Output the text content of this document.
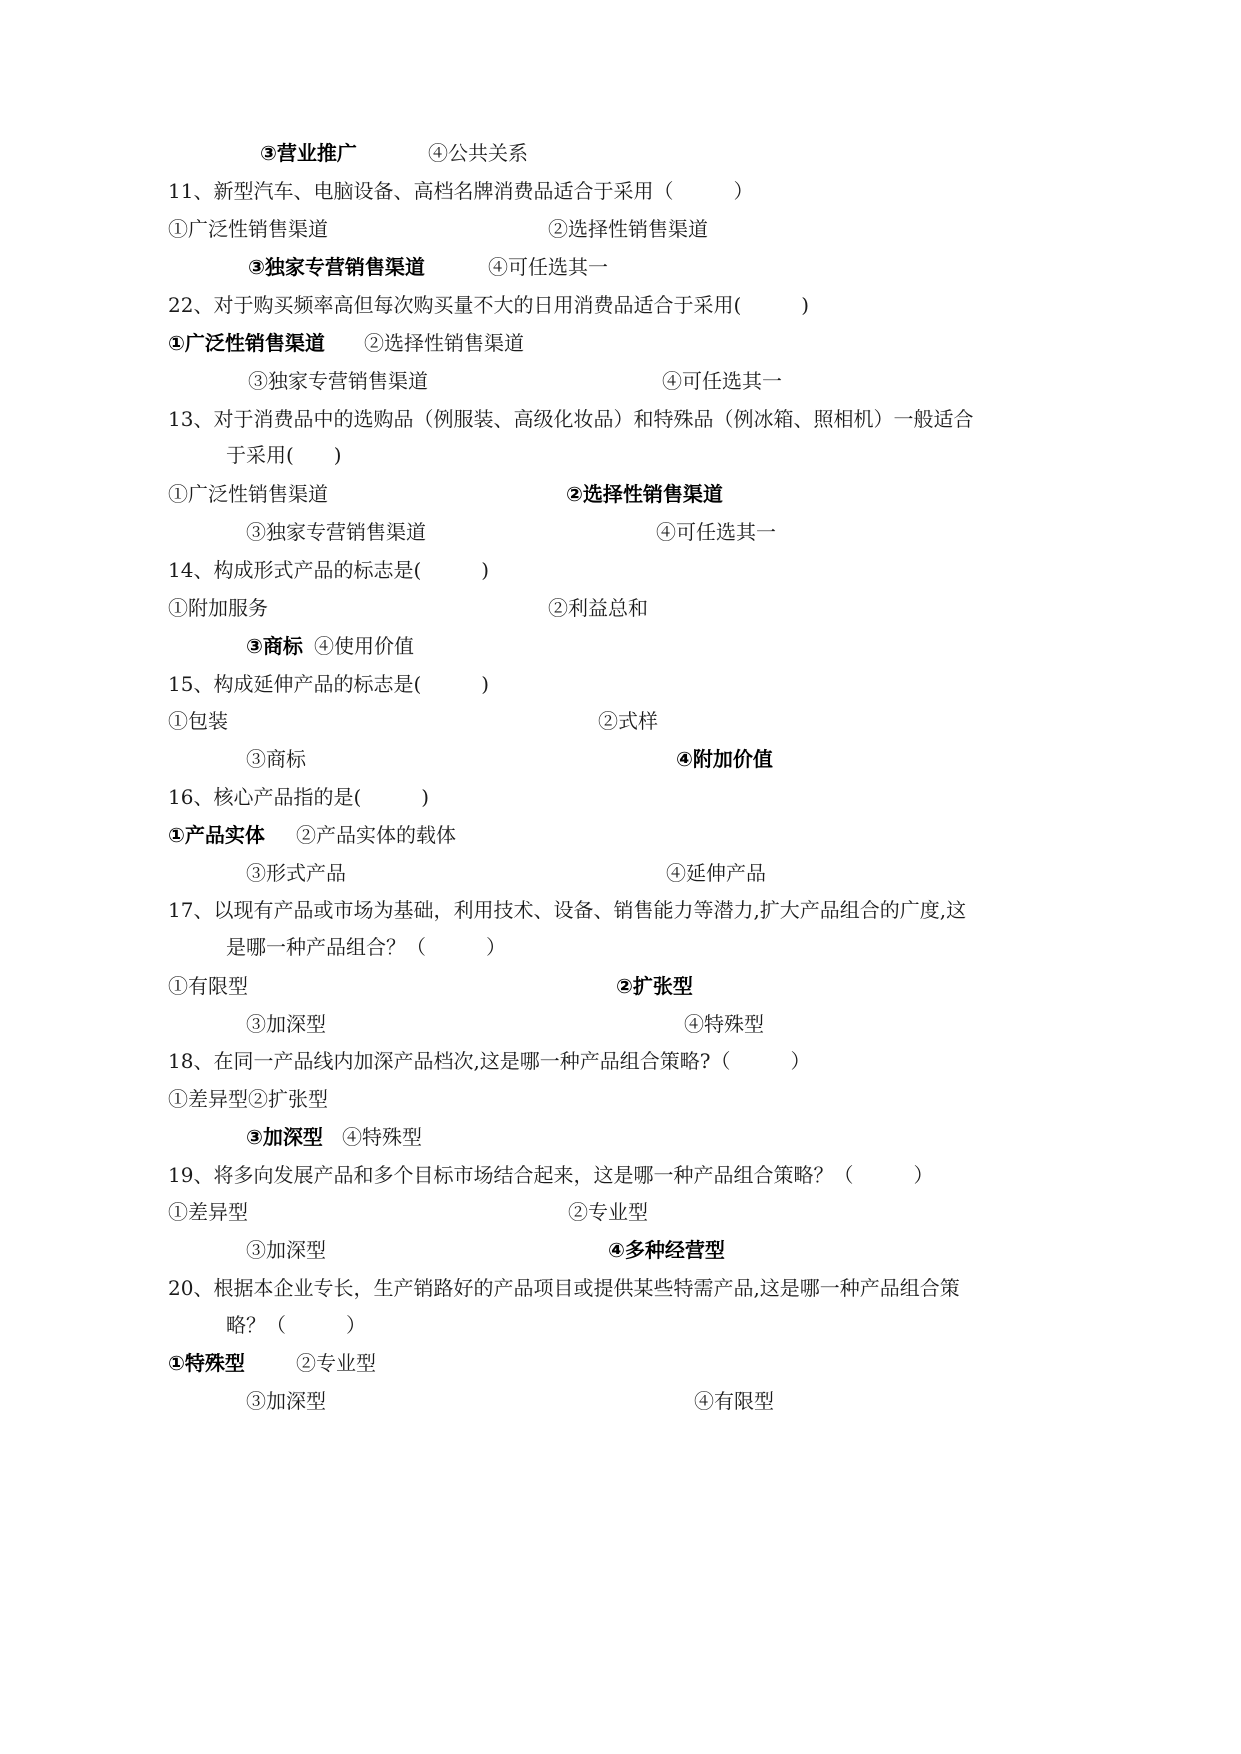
③营业推广	④公共关系
11、新型汽车、电脑设备、高档名牌消费品适合于采用（　　　）
①广泛性销售渠道	②选择性销售渠道
③独家专营销售渠道	④可任选其一
22、对于购买频率高但每次购买量不大的日用消费品适合于采用(　　　)
①广泛性销售渠道 ②选择性销售渠道
③独家专营销售渠道	④可任选其一
13、对于消费品中的选购品（例服装、高级化妆品）和特殊品（例冰箱、照相机）一般适合
于采用(　　)
①广泛性销售渠道	②选择性销售渠道
③独家专营销售渠道	④可任选其一
14、构成形式产品的标志是(　　　)
①附加服务	②利益总和
③商标 ④使用价值
15、构成延伸产品的标志是(　　　)
①包装	②式样
③商标	④附加价值
16、核心产品指的是(　　　)
①产品实体 ②产品实体的载体
③形式产品	④延伸产品
17、以现有产品或市场为基础，利用技术、设备、销售能力等潜力,扩大产品组合的广度,这
是哪一种产品组合？（　　　）
①有限型	②扩张型
③加深型	④特殊型
18、在同一产品线内加深产品档次,这是哪一种产品组合策略?（　　　）
①差异型②扩张型
③加深型 ④特殊型
19、将多向发展产品和多个目标市场结合起来，这是哪一种产品组合策略？（　　　）
①差异型	②专业型
③加深型	④多种经营型
20、根据本企业专长，生产销路好的产品项目或提供某些特需产品,这是哪一种产品组合策
略？（　　　）
①特殊型	②专业型
③加深型	④有限型
